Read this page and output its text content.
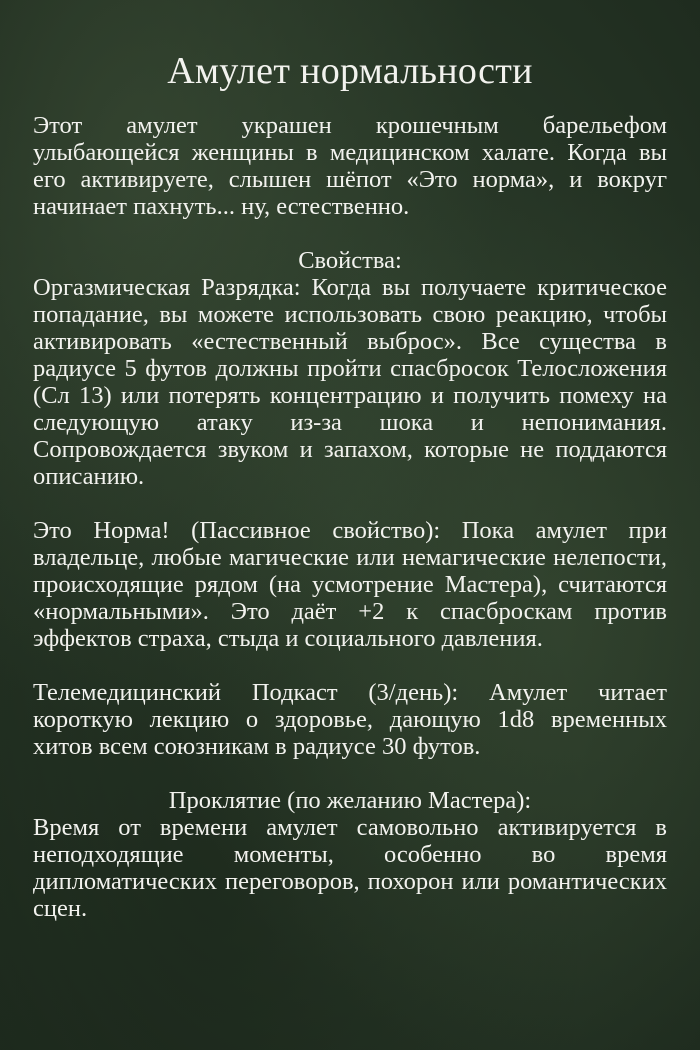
Амулет нормальности

Этот амулет украшен крошечным барельефом улыбающейся женщины в медицинском халате. Когда вы его активируете, слышен шёпот «Это норма», и вокруг начинает пахнуть... ну, естественно.

Свойства:

Оргазмическая Разрядка: Когда вы получаете критическое попадание, вы можете использовать свою реакцию, чтобы активировать «естественный выброс». Все существа в радиусе 5 футов должны пройти спасбросок Телосложения (Сл 13) или потерять концентрацию и получить помеху на следующую атаку из-за шока и непонимания. Сопровождается звуком и запахом, которые не поддаются описанию.

Это Норма! (Пассивное свойство): Пока амулет при владельце, любые магические или немагические нелепости, происходящие рядом (на усмотрение Мастера), считаются «нормальными». Это даёт +2 к спасброскам против эффектов страха, стыда и социального давления.

Телемедицинский Подкаст (3/день): Амулет читает короткую лекцию о здоровье, дающую 1d8 временных хитов всем союзникам в радиусе 30 футов.

Проклятие (по желанию Мастера):

Время от времени амулет самовольно активируется в неподходящие моменты, особенно во время дипломатических переговоров, похорон или романтических сцен.
